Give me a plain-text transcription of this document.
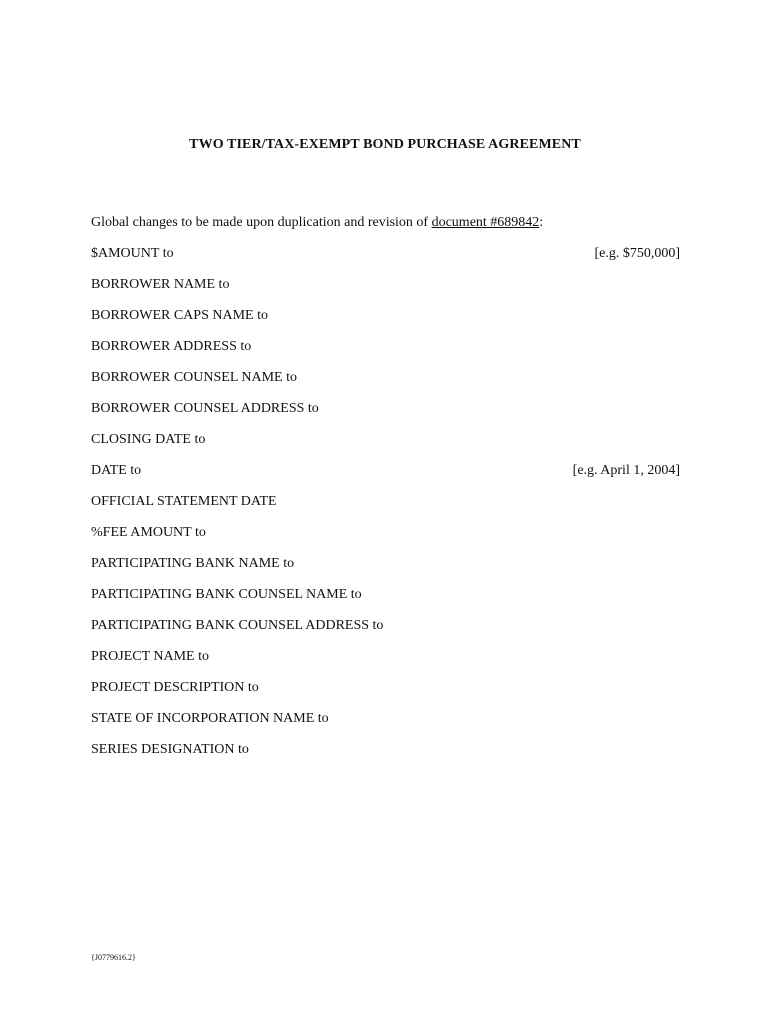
TWO TIER/TAX-EXEMPT BOND PURCHASE AGREEMENT
Global changes to be made upon duplication and revision of document #689842:
$AMOUNT to	[e.g. $750,000]
BORROWER NAME to
BORROWER CAPS NAME to
BORROWER ADDRESS to
BORROWER COUNSEL NAME to
BORROWER COUNSEL ADDRESS to
CLOSING DATE to
DATE to	[e.g. April 1, 2004]
OFFICIAL STATEMENT DATE
%FEE AMOUNT to
PARTICIPATING BANK NAME to
PARTICIPATING BANK COUNSEL NAME to
PARTICIPATING BANK COUNSEL ADDRESS to
PROJECT NAME to
PROJECT DESCRIPTION to
STATE OF INCORPORATION NAME to
SERIES DESIGNATION to
{J0779616.2}
